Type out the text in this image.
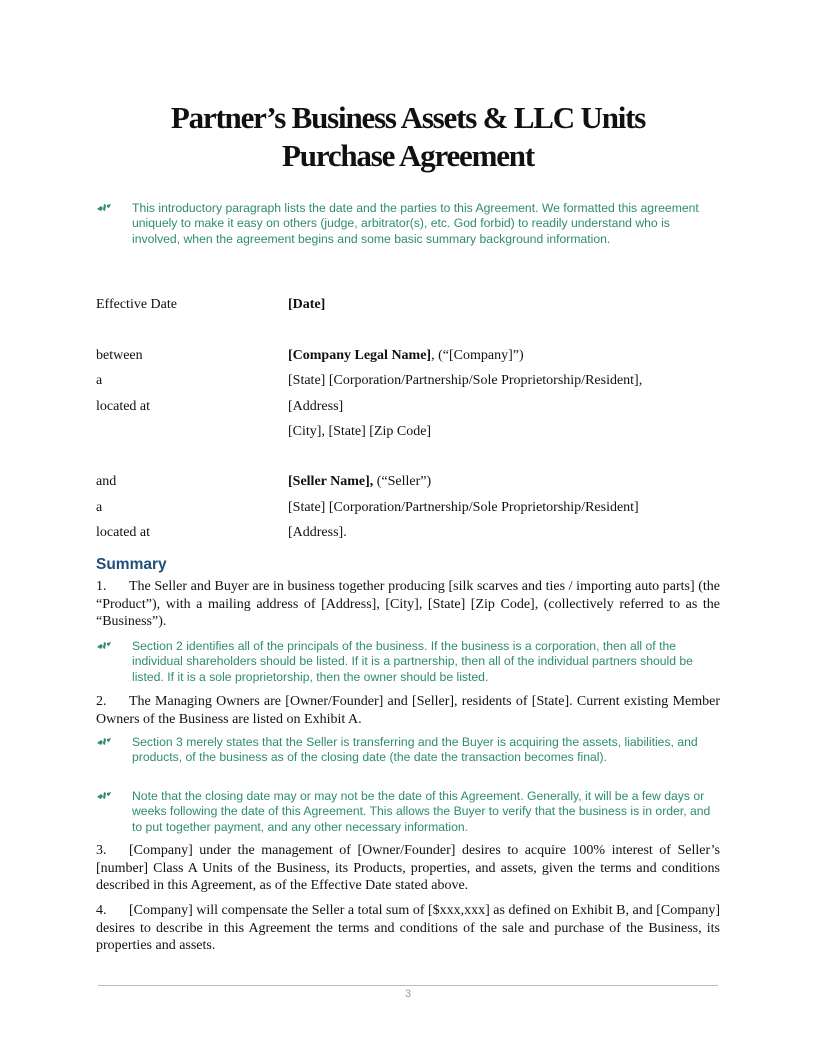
Partner’s Business Assets & LLC Units
Purchase Agreement
This introductory paragraph lists the date and the parties to this Agreement. We formatted this agreement uniquely to make it easy on others (judge, arbitrator(s), etc. God forbid) to readily understand who is involved, when the agreement begins and some basic summary background information.
Effective Date	[Date]
between	[Company Legal Name], (“[Company]”)
a	[State] [Corporation/Partnership/Sole Proprietorship/Resident],
located at	[Address]
[City], [State] [Zip Code]
and	[Seller Name], (“Seller”)
a	[State] [Corporation/Partnership/Sole Proprietorship/Resident]
located at	[Address].
Summary
1. The Seller and Buyer are in business together producing [silk scarves and ties / importing auto parts] (the “Product”), with a mailing address of [Address], [City], [State] [Zip Code], (collectively referred to as the “Business”).
Section 2 identifies all of the principals of the business. If the business is a corporation, then all of the individual shareholders should be listed. If it is a partnership, then all of the individual partners should be listed. If it is a sole proprietorship, then the owner should be listed.
2. The Managing Owners are [Owner/Founder] and [Seller], residents of [State]. Current existing Member Owners of the Business are listed on Exhibit A.
Section 3 merely states that the Seller is transferring and the Buyer is acquiring the assets, liabilities, and products, of the business as of the closing date (the date the transaction becomes final).
Note that the closing date may or may not be the date of this Agreement. Generally, it will be a few days or weeks following the date of this Agreement. This allows the Buyer to verify that the business is in order, and to put together payment, and any other necessary information.
3. [Company] under the management of [Owner/Founder] desires to acquire 100% interest of Seller’s [number] Class A Units of the Business, its Products, properties, and assets, given the terms and conditions described in this Agreement, as of the Effective Date stated above.
4. [Company] will compensate the Seller a total sum of [$xxx,xxx] as defined on Exhibit B, and [Company] desires to describe in this Agreement the terms and conditions of the sale and purchase of the Business, its properties and assets.
3
